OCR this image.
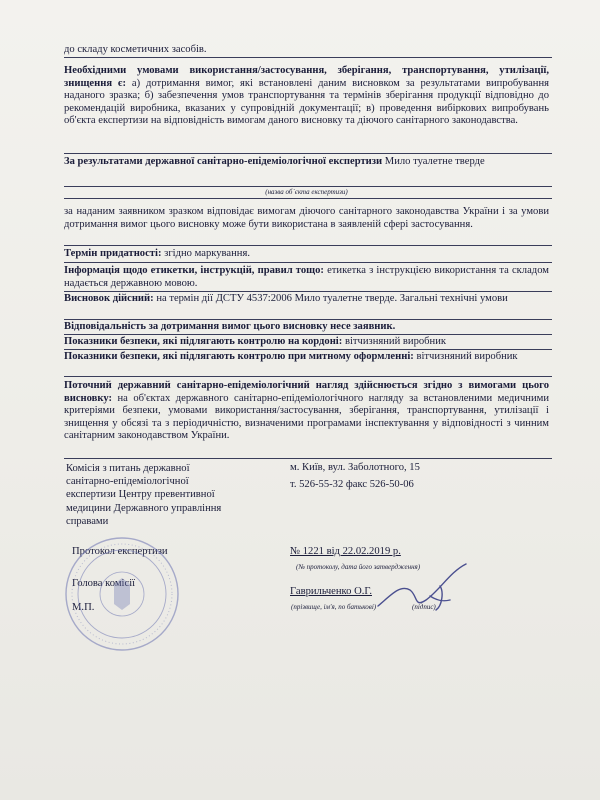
до складу косметичних засобів.
Необхідними умовами використання/застосування, зберігання, транспортування, утилізації, знищення є: а) дотримання вимог, які встановлені даним висновком за результатами випробування наданого зразка; б) забезпечення умов транспортування та термінів зберігання продукції відповідно до рекомендацій виробника, вказаних у супровідній документації; в) проведення вибіркових випробувань об'єкта експертизи на відповідність вимогам даного висновку та діючого санітарного законодавства.
За результатами державної санітарно-епідеміологічної експертизи Мило туалетне тверде
(назва об`єкта експертизи)
за наданим заявником зразком відповідає вимогам діючого санітарного законодавства України і за умови дотримання вимог цього висновку може бути використана в заявленій сфері застосування.
Термін придатності: згідно маркування.
Інформація щодо етикетки, інструкцій, правил тощо: етикетка з інструкцією використання та складом надається державною мовою.
Висновок дійсний: на термін дії ДСТУ 4537:2006 Мило туалетне тверде. Загальні технічні умови
Відповідальність за дотримання вимог цього висновку несе заявник.
Показники безпеки, які підлягають контролю на кордоні: вітчизняний виробник
Показники безпеки, які підлягають контролю при митному оформленні: вітчизняний виробник
Поточний державний санітарно-епідеміологічний нагляд здійснюється згідно з вимогами цього висновку: на об'єктах державного санітарно-епідеміологічного нагляду за встановленими медичними критеріями безпеки, умовами використання/застосування, зберігання, транспортування, утилізації і знищення у обсязі та з періодичністю, визначеними програмами інспектування у відповідності з чинним санітарним законодавством України.
Комісія з питань державної
санітарно-епідеміологічної
експертизи Центру превентивної
медицини Державного управління
справами
м. Київ, вул. Заболотного, 15
т. 526-55-32 факс 526-50-06
Протокол експертизи	№ 1221 від 22.02.2019 р.
(№ протоколу, дата його затвердження)
Голова комісії
М.П.
Гаврильченко О.Г.
(прізвище, ім'я, по батькові)	(підпис)
